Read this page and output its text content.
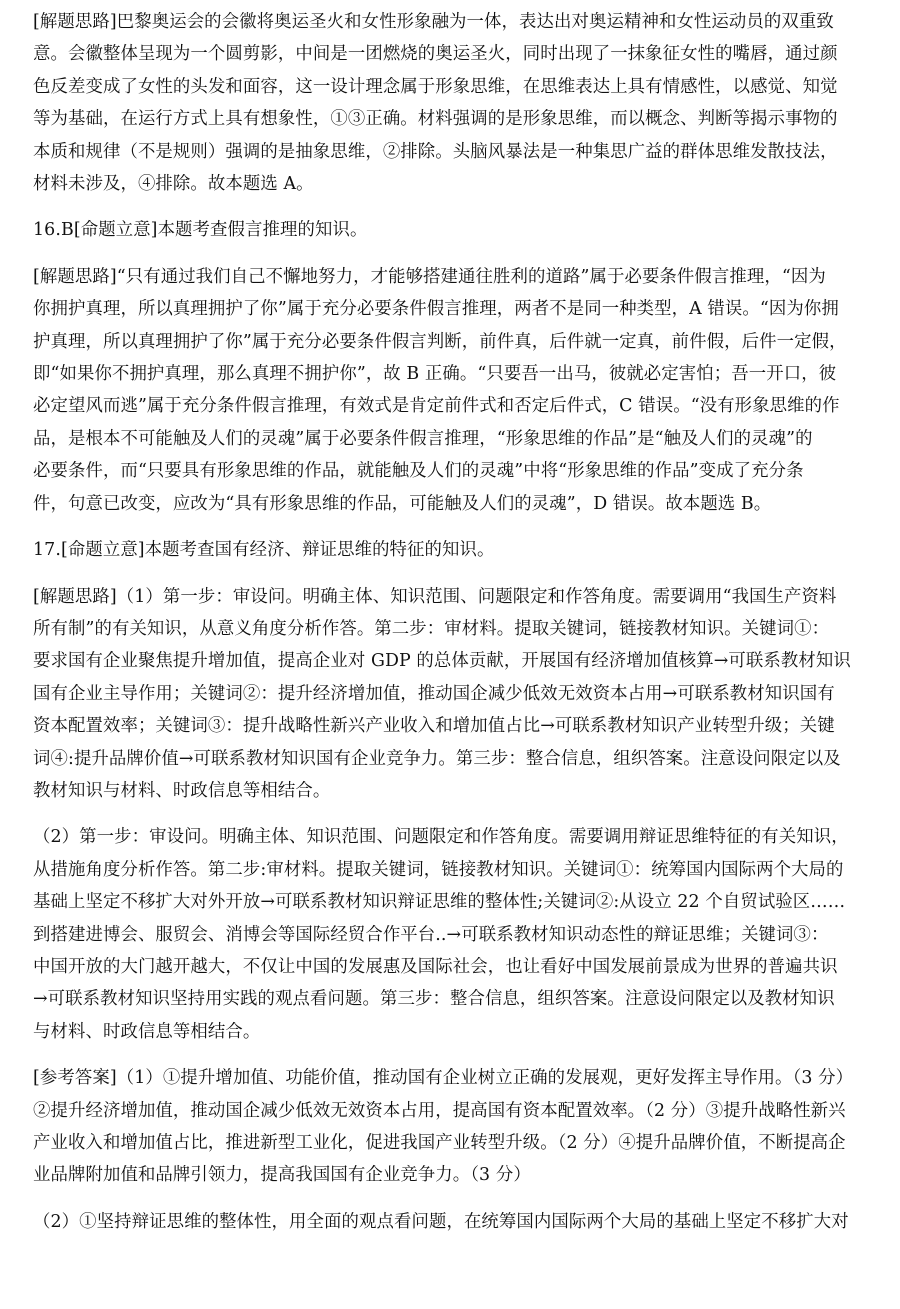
[解题思路]巴黎奥运会的会徽将奥运圣火和女性形象融为一体，表达出对奥运精神和女性运动员的双重致
意。会徽整体呈现为一个圆剪影，中间是一团燃烧的奥运圣火，同时出现了一抹象征女性的嘴唇，通过颜
色反差变成了女性的头发和面容，这一设计理念属于形象思维，在思维表达上具有情感性，以感觉、知觉
等为基础，在运行方式上具有想象性，①③正确。材料强调的是形象思维，而以概念、判断等揭示事物的
本质和规律（不是规则）强调的是抽象思维，②排除。头脑风暴法是一种集思广益的群体思维发散技法，
材料未涉及，④排除。故本题选 A。

16.B[命题立意]本题考查假言推理的知识。

[解题思路]“只有通过我们自己不懈地努力，才能够搭建通往胜利的道路”属于必要条件假言推理，“因为
你拥护真理，所以真理拥护了你”属于充分必要条件假言推理，两者不是同一种类型，A 错误。“因为你拥
护真理，所以真理拥护了你”属于充分必要条件假言判断，前件真，后件就一定真，前件假，后件一定假，
即“如果你不拥护真理，那么真理不拥护你”，故 B 正确。“只要吾一出马，彼就必定害怕；吾一开口，彼
必定望风而逃”属于充分条件假言推理，有效式是肯定前件式和否定后件式，C 错误。“没有形象思维的作
品，是根本不可能触及人们的灵魂”属于必要条件假言推理，“形象思维的作品”是“触及人们的灵魂”的
必要条件，而“只要具有形象思维的作品，就能触及人们的灵魂”中将“形象思维的作品”变成了充分条
件，句意已改变，应改为“具有形象思维的作品，可能触及人们的灵魂”，D 错误。故本题选 B。

17.[命题立意]本题考查国有经济、辩证思维的特征的知识。

[解题思路]（1）第一步：审设问。明确主体、知识范围、问题限定和作答角度。需要调用“我国生产资料
所有制”的有关知识，从意义角度分析作答。第二步：审材料。提取关键词，链接教材知识。关键词①：
要求国有企业聚焦提升增加值，提高企业对 GDP 的总体贡献，开展国有经济增加值核算→可联系教材知识
国有企业主导作用；关键词②：提升经济增加值，推动国企减少低效无效资本占用→可联系教材知识国有
资本配置效率；关键词③：提升战略性新兴产业收入和增加值占比→可联系教材知识产业转型升级；关键
词④:提升品牌价值→可联系教材知识国有企业竞争力。第三步：整合信息，组织答案。注意设问限定以及
教材知识与材料、时政信息等相结合。

（2）第一步：审设问。明确主体、知识范围、问题限定和作答角度。需要调用辩证思维特征的有关知识，
从措施角度分析作答。第二步:审材料。提取关键词，链接教材知识。关键词①：统筹国内国际两个大局的
基础上坚定不移扩大对外开放→可联系教材知识辩证思维的整体性;关键词②:从设立 22 个自贸试验区……
到搭建进博会、服贸会、消博会等国际经贸合作平台..→可联系教材知识动态性的辩证思维；关键词③：
中国开放的大门越开越大，不仅让中国的发展惠及国际社会，也让看好中国发展前景成为世界的普遍共识
→可联系教材知识坚持用实践的观点看问题。第三步：整合信息，组织答案。注意设问限定以及教材知识
与材料、时政信息等相结合。

[参考答案]（1）①提升增加值、功能价值，推动国有企业树立正确的发展观，更好发挥主导作用。（3 分）
②提升经济增加值，推动国企减少低效无效资本占用，提高国有资本配置效率。（2 分）③提升战略性新兴
产业收入和增加值占比，推进新型工业化，促进我国产业转型升级。（2 分）④提升品牌价值，不断提高企
业品牌附加值和品牌引领力，提高我国国有企业竞争力。（3 分）

（2）①坚持辩证思维的整体性，用全面的观点看问题，在统筹国内国际两个大局的基础上坚定不移扩大对
